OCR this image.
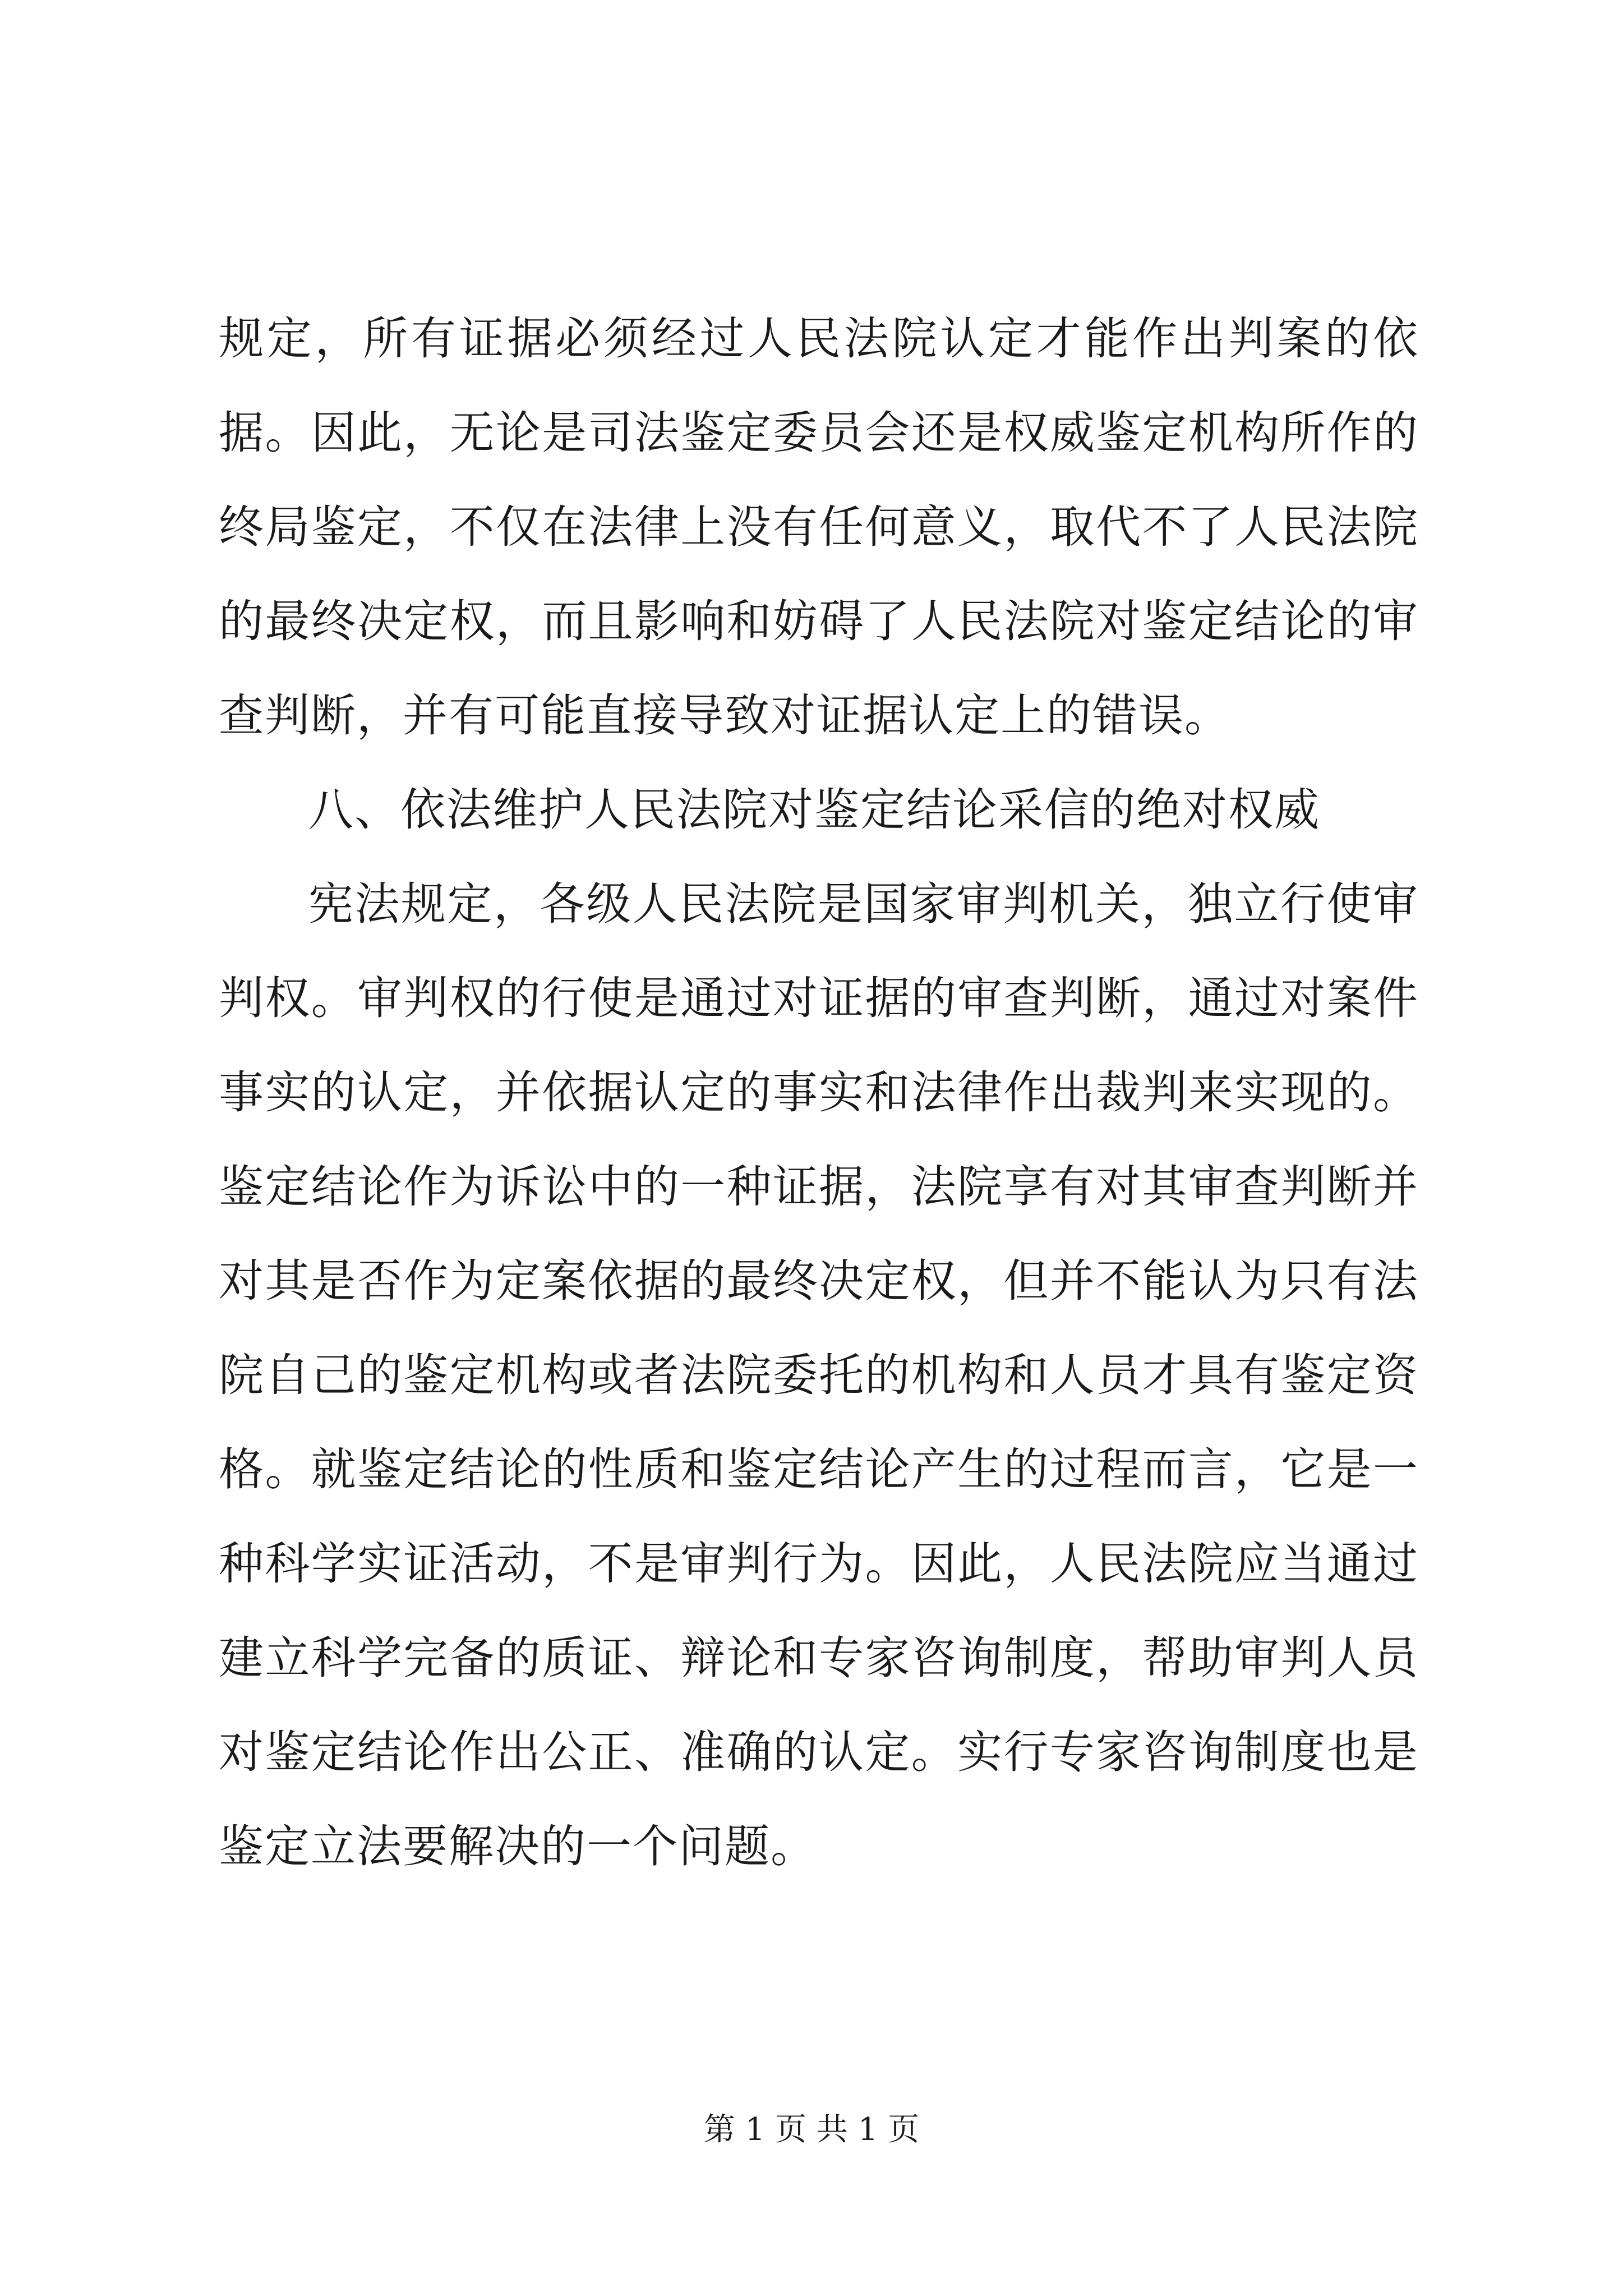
规定，所有证据必须经过人民法院认定才能作出判案的依据。因此，无论是司法鉴定委员会还是权威鉴定机构所作的终局鉴定，不仅在法律上没有任何意义，取代不了人民法院的最终决定权，而且影响和妨碍了人民法院对鉴定结论的审查判断，并有可能直接导致对证据认定上的错误。

八、依法维护人民法院对鉴定结论采信的绝对权威

宪法规定，各级人民法院是国家审判机关，独立行使审判权。审判权的行使是通过对证据的审查判断，通过对案件事实的认定，并依据认定的事实和法律作出裁判来实现的。鉴定结论作为诉讼中的一种证据，法院享有对其审查判断并对其是否作为定案依据的最终决定权，但并不能认为只有法院自己的鉴定机构或者法院委托的机构和人员才具有鉴定资格。就鉴定结论的性质和鉴定结论产生的过程而言，它是一种科学实证活动，不是审判行为。因此，人民法院应当通过建立科学完备的质证、辩论和专家咨询制度，帮助审判人员对鉴定结论作出公正、准确的认定。实行专家咨询制度也是鉴定立法要解决的一个问题。

第 1 页 共 1 页
